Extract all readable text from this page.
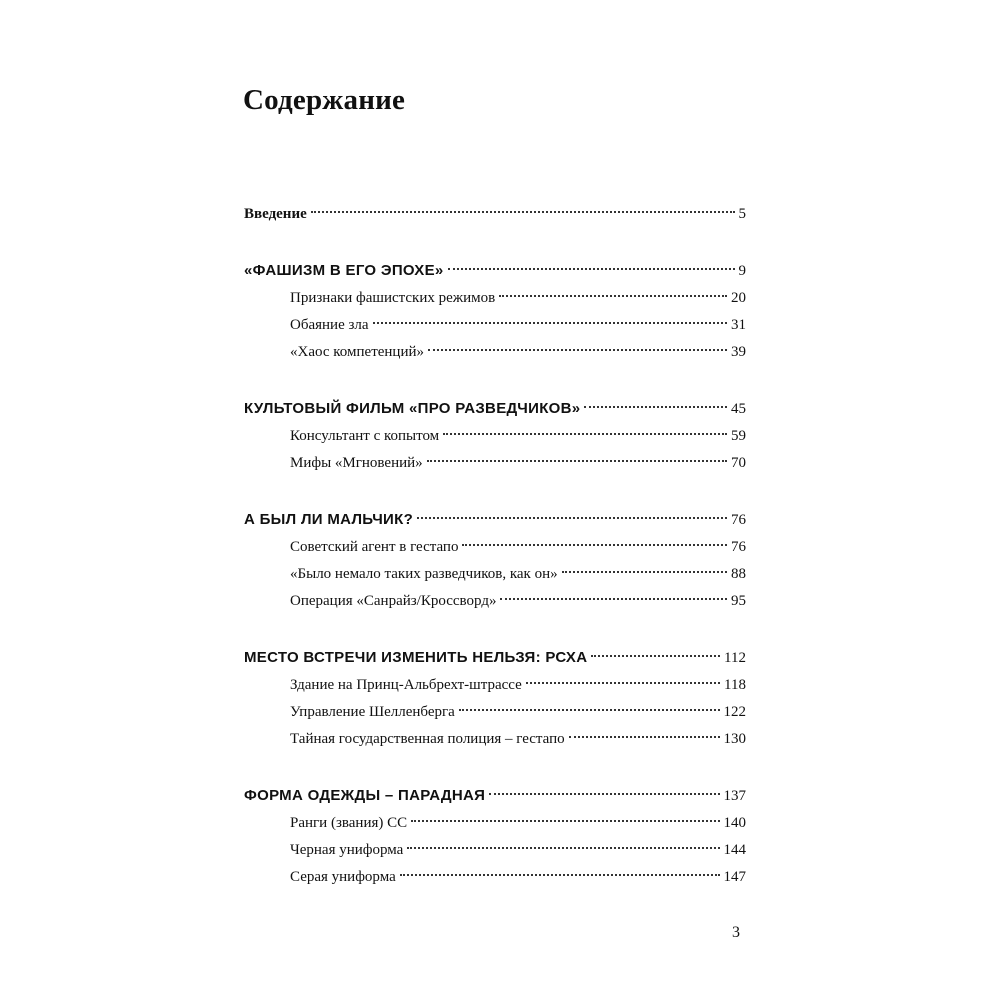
Содержание
Введение	5
«ФАШИЗМ В ЕГО ЭПОХЕ»	9
Признаки фашистских режимов	20
Обаяние зла	31
«Хаос компетенций»	39
КУЛЬТОВЫЙ ФИЛЬМ «ПРО РАЗВЕДЧИКОВ»	45
Консультант с копытом	59
Мифы «Мгновений»	70
А БЫЛ ЛИ МАЛЬЧИК?	76
Советский агент в гестапо	76
«Было немало таких разведчиков, как он»	88
Операция «Санрайз/Кроссворд»	95
МЕСТО ВСТРЕЧИ ИЗМЕНИТЬ НЕЛЬЗЯ: РСХА	112
Здание на Принц-Альбрехт-штрассе	118
Управление Шелленберга	122
Тайная государственная полиция – гестапо	130
ФОРМА ОДЕЖДЫ – ПАРАДНАЯ	137
Ранги (звания) СС	140
Черная униформа	144
Серая униформа	147
3
